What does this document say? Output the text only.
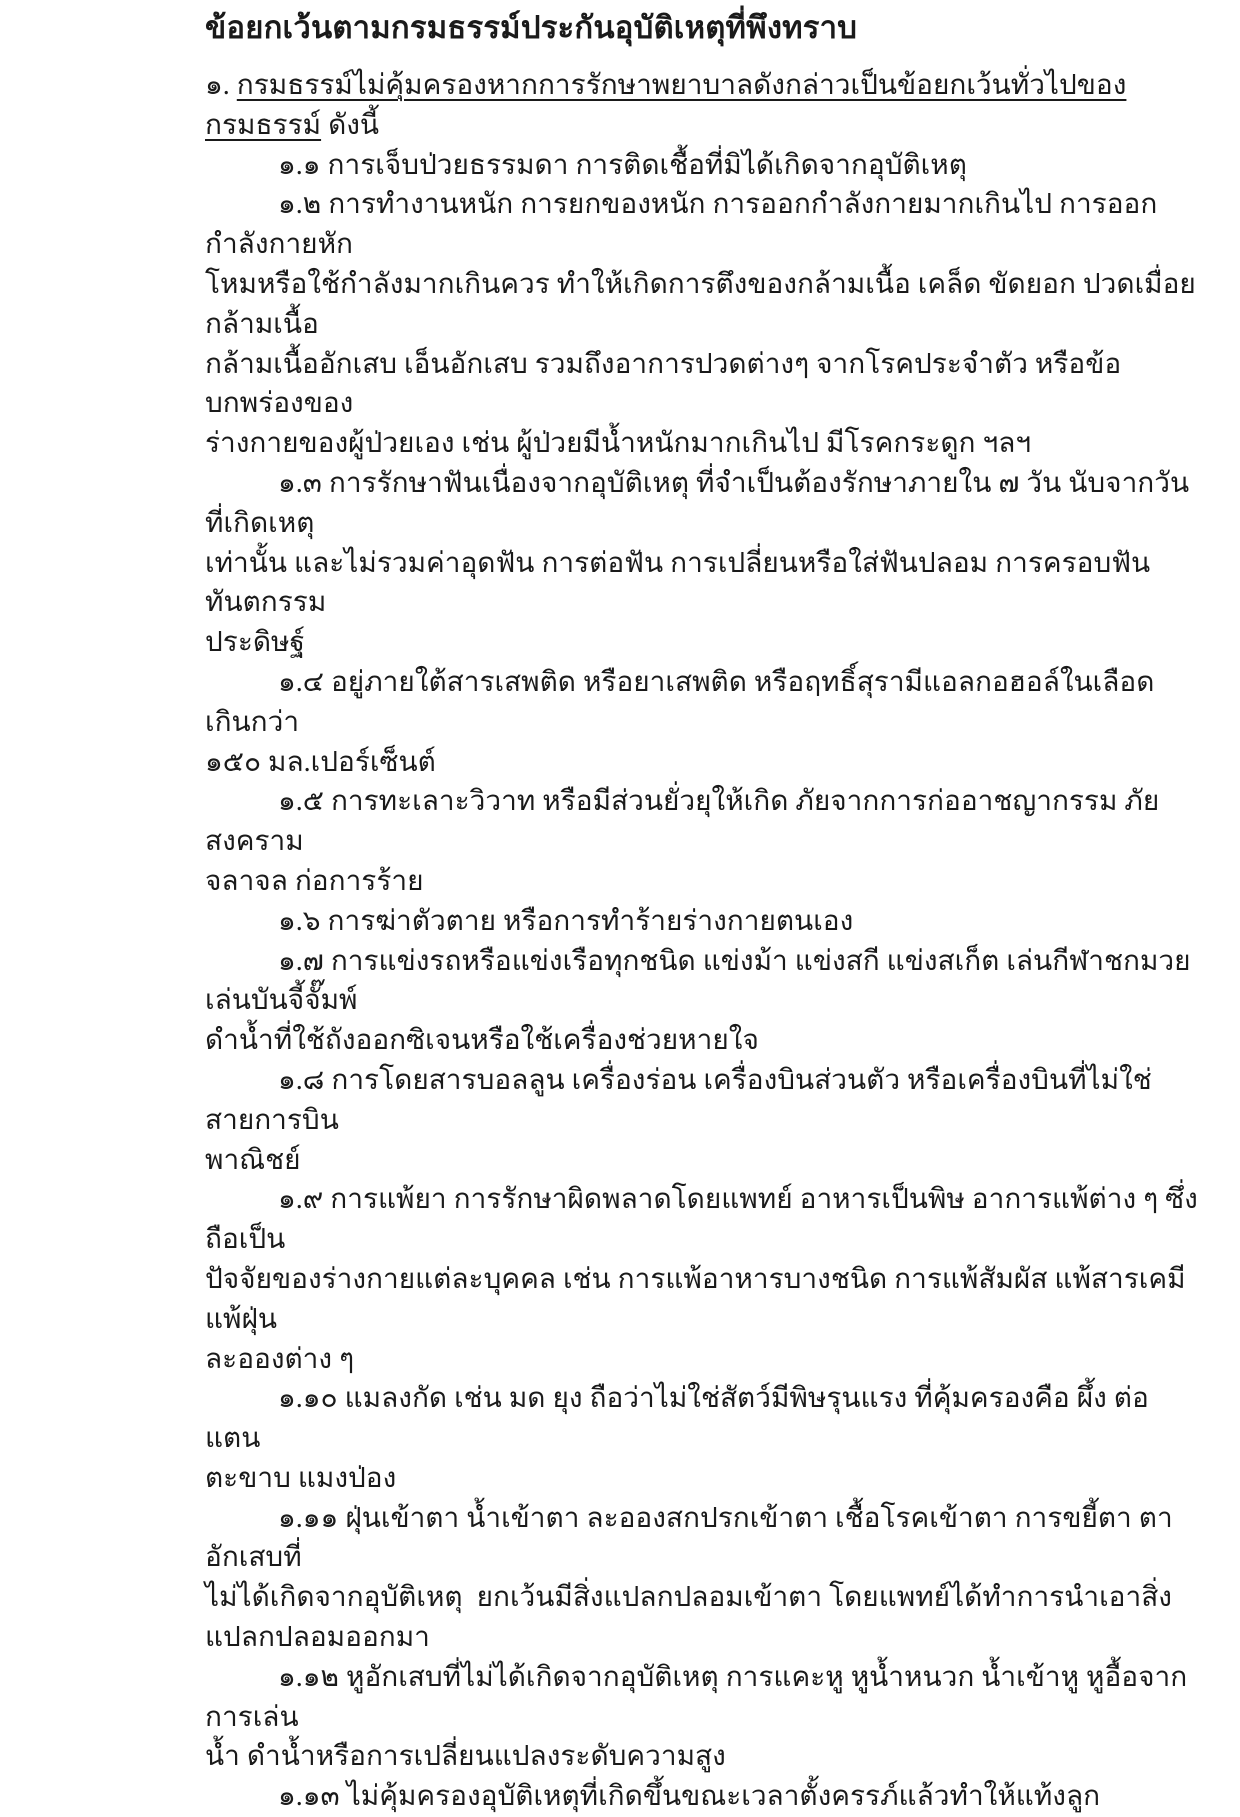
ข้อยกเว้นตามกรมธรรม์ประกันอุบัติเหตุที่พึงทราบ

๑. กรมธรรม์ไม่คุ้มครองหากการรักษาพยาบาลดังกล่าวเป็นข้อยกเว้นทั่วไปของกรมธรรม์ ดังนี้

๑.๑ การเจ็บป่วยธรรมดา การติดเชื้อที่มิได้เกิดจากอุบัติเหตุ
๑.๒ การทำงานหนัก การยกของหนัก การออกกำลังกายมากเกินไป การออกกำลังกายหัก
โหมหรือใช้กำลังมากเกินควร ทำให้เกิดการตึงของกล้ามเนื้อ เคล็ด ขัดยอก ปวดเมื่อยกล้ามเนื้อ
กล้ามเนื้ออักเสบ เอ็นอักเสบ รวมถึงอาการปวดต่างๆ จากโรคประจำตัว หรือข้อบกพร่องของ
ร่างกายของผู้ป่วยเอง เช่น ผู้ป่วยมีน้ำหนักมากเกินไป มีโรคกระดูก ฯลฯ
๑.๓ การรักษาฟันเนื่องจากอุบัติเหตุ ที่จำเป็นต้องรักษาภายใน ๗ วัน นับจากวันที่เกิดเหตุ
เท่านั้น และไม่รวมค่าอุดฟัน การต่อฟัน การเปลี่ยนหรือใส่ฟันปลอม การครอบฟัน ทันตกรรม
ประดิษฐ์
๑.๔ อยู่ภายใต้สารเสพติด หรือยาเสพติด หรือฤทธิ์สุรามีแอลกอฮอล์ในเลือดเกินกว่า
๑๕๐ มล.เปอร์เซ็นต์
๑.๕ การทะเลาะวิวาท หรือมีส่วนยั่วยุให้เกิด ภัยจากการก่ออาชญากรรม ภัยสงคราม
จลาจล ก่อการร้าย
๑.๖ การฆ่าตัวตาย หรือการทำร้ายร่างกายตนเอง
๑.๗ การแข่งรถหรือแข่งเรือทุกชนิด แข่งม้า แข่งสกี แข่งสเก็ต เล่นกีฬาชกมวย เล่นบันจี้จั๊มพ์
ดำน้ำที่ใช้ถังออกซิเจนหรือใช้เครื่องช่วยหายใจ
๑.๘ การโดยสารบอลลูน เครื่องร่อน เครื่องบินส่วนตัว หรือเครื่องบินที่ไม่ใช่สายการบิน
พาณิชย์
๑.๙ การแพ้ยา การรักษาผิดพลาดโดยแพทย์ อาหารเป็นพิษ อาการแพ้ต่าง ๆ ซึ่งถือเป็น
ปัจจัยของร่างกายแต่ละบุคคล เช่น การแพ้อาหารบางชนิด การแพ้สัมผัส แพ้สารเคมี แพ้ฝุ่น
ละอองต่าง ๆ
๑.๑๐ แมลงกัด เช่น มด ยุง ถือว่าไม่ใช่สัตว์มีพิษรุนแรง ที่คุ้มครองคือ ผึ้ง ต่อ แตน
ตะขาบ แมงป่อง
๑.๑๑ ฝุ่นเข้าตา น้ำเข้าตา ละอองสกปรกเข้าตา เชื้อโรคเข้าตา การขยี้ตา ตาอักเสบที่
ไม่ได้เกิดจากอุบัติเหตุ  ยกเว้นมีสิ่งแปลกปลอมเข้าตา โดยแพทย์ได้ทำการนำเอาสิ่งแปลกปลอมออกมา
๑.๑๒ หูอักเสบที่ไม่ได้เกิดจากอุบัติเหตุ การแคะหู หูน้ำหนวก น้ำเข้าหู หูอื้อจากการเล่น
น้ำ ดำน้ำหรือการเปลี่ยนแปลงระดับความสูง
๑.๑๓ ไม่คุ้มครองอุบัติเหตุที่เกิดขึ้นขณะเวลาตั้งครรภ์แล้วทำให้แท้งลูก
